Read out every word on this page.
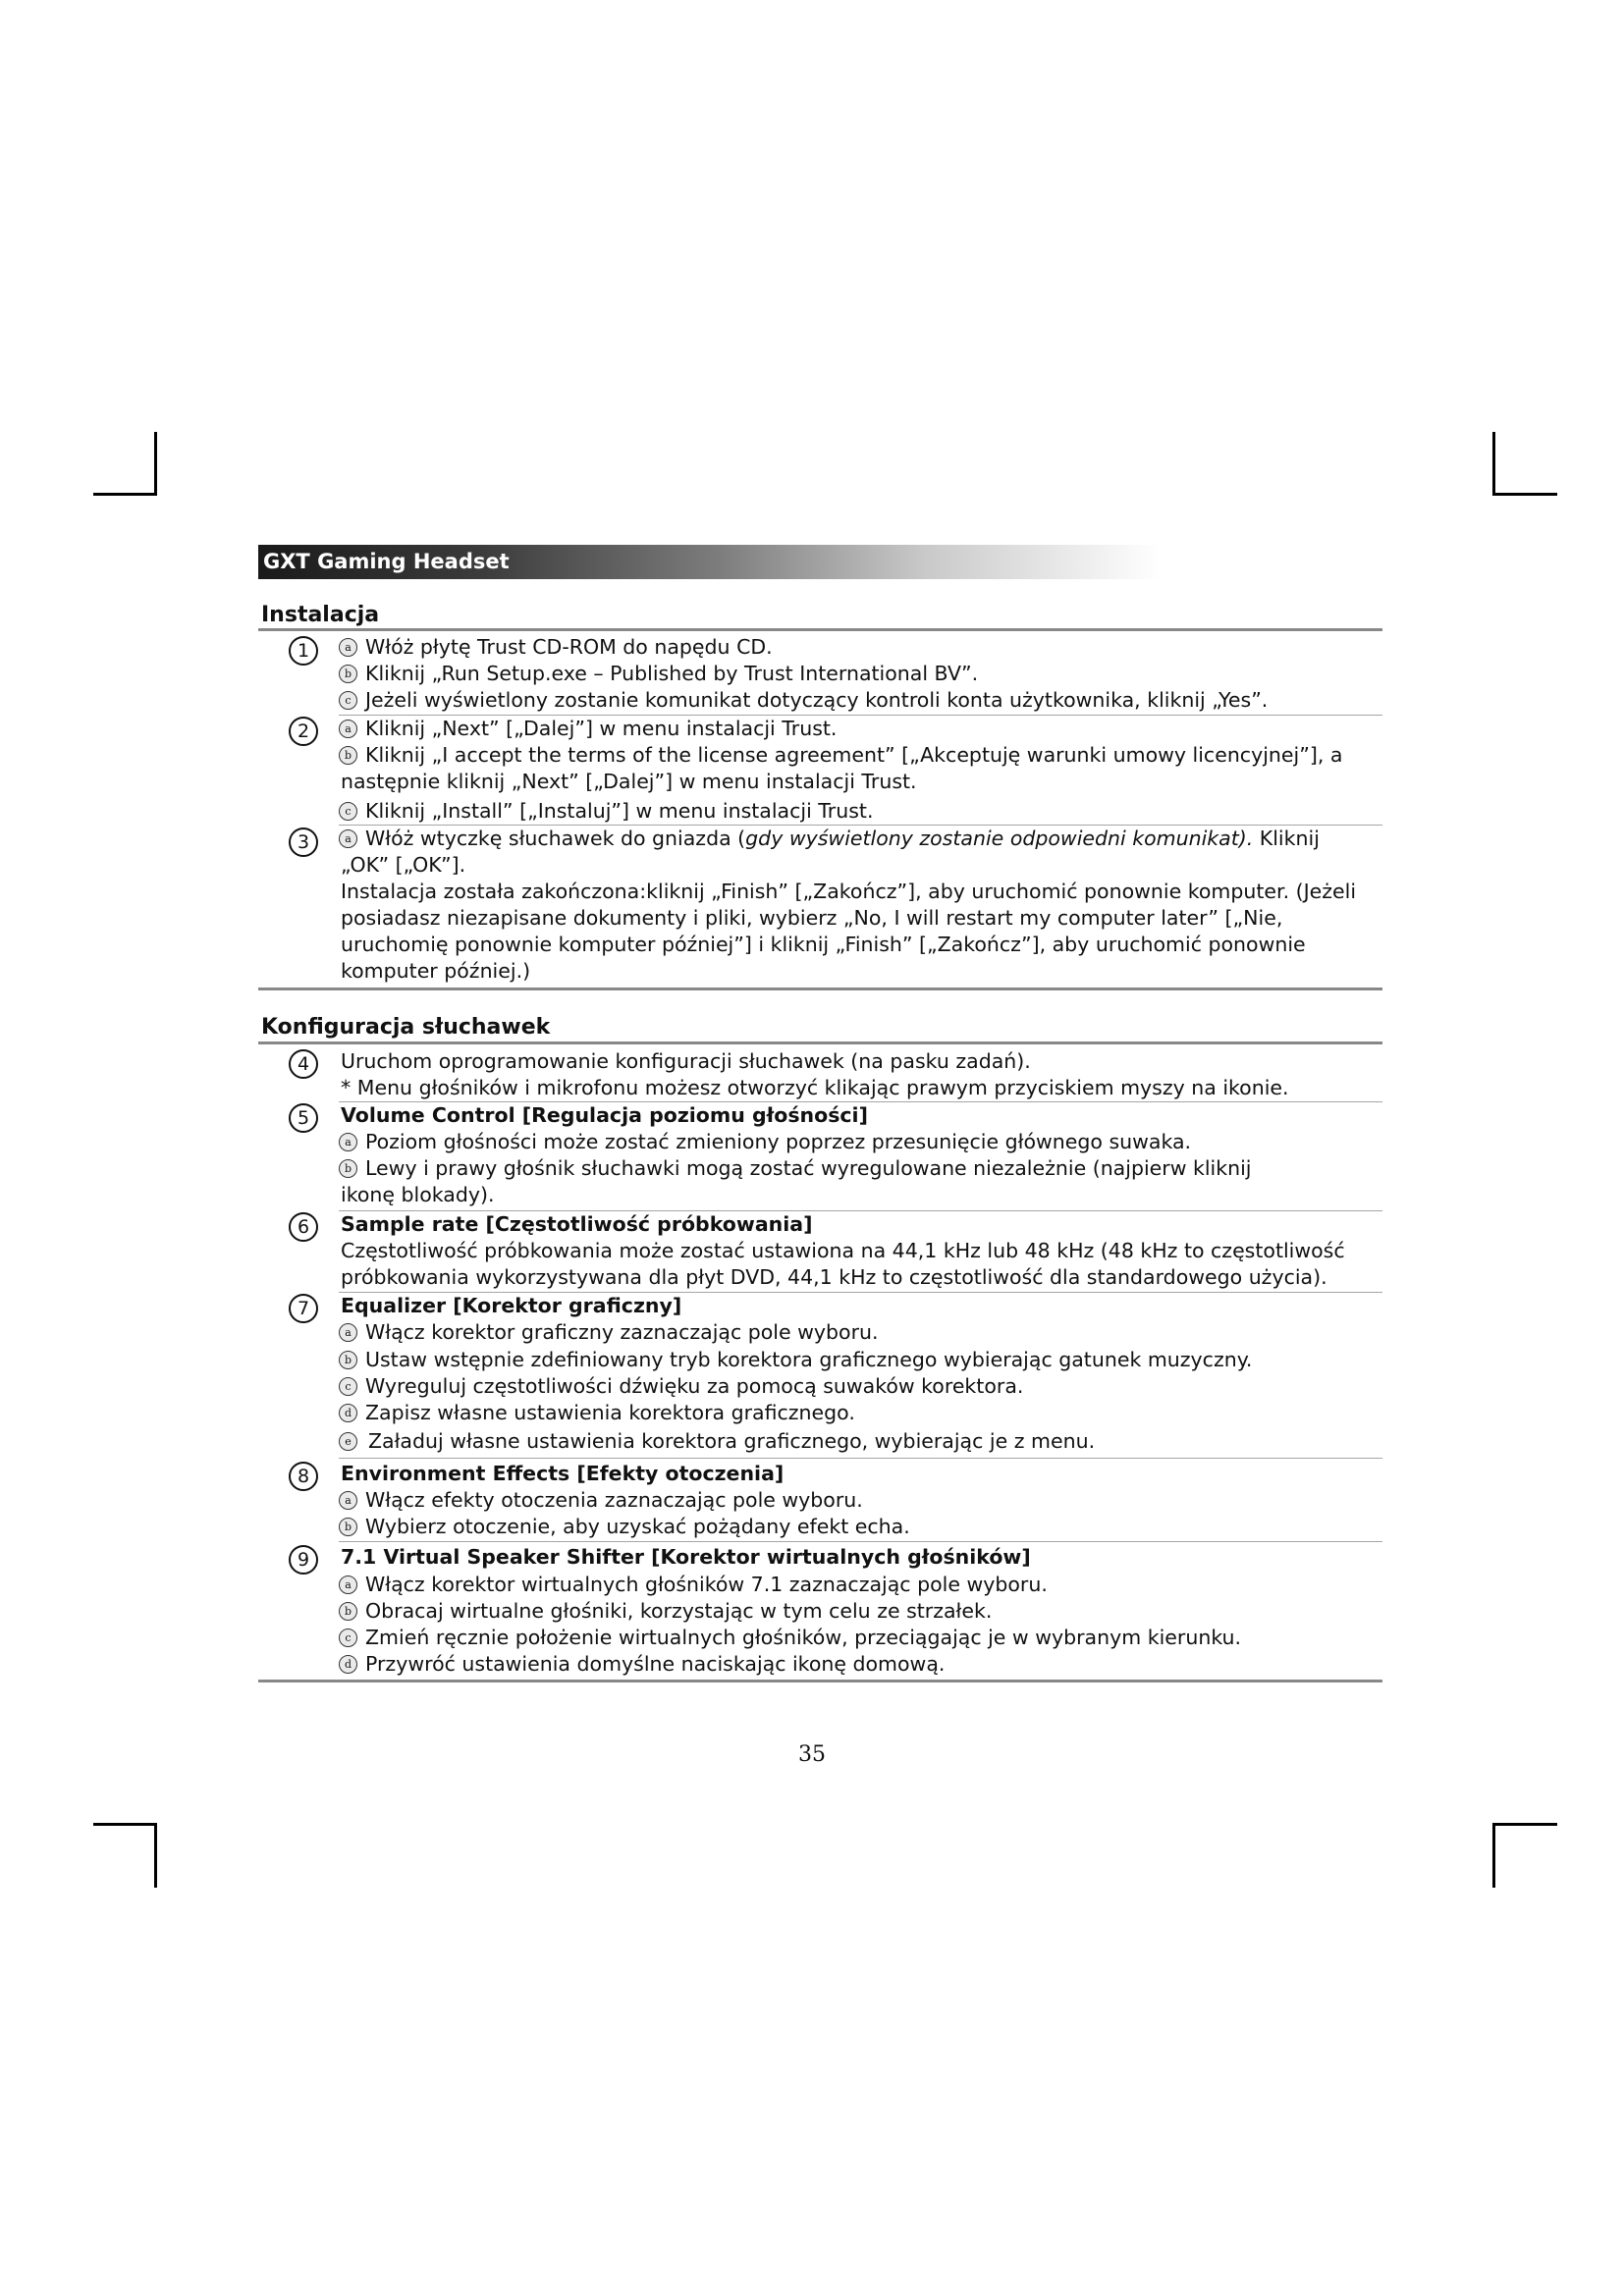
GXT Gaming Headset
Instalacja
1	a Włóż płytę Trust CD-ROM do napędu CD.
b Kliknij „Run Setup.exe – Published by Trust International BV”.
c Jeżeli wyświetlony zostanie komunikat dotyczący kontroli konta użytkownika, kliknij „Yes”.
2	a Kliknij „Next” [„Dalej”] w menu instalacji Trust.
b Kliknij „I accept the terms of the license agreement” [„Akceptuję warunki umowy licencyjnej”], a
następnie kliknij „Next” [„Dalej”] w menu instalacji Trust.
c Kliknij „Install” [„Instaluj”] w menu instalacji Trust.
3	a Włóż wtyczkę słuchawek do gniazda (gdy wyświetlony zostanie odpowiedni komunikat). Kliknij
„OK” [„OK”].
Instalacja została zakończona:kliknij „Finish” [„Zakończ”], aby uruchomić ponownie komputer. (Jeżeli
posiadasz niezapisane dokumenty i pliki, wybierz „No, I will restart my computer later” [„Nie,
uruchomię ponownie komputer później”] i kliknij „Finish” [„Zakończ”], aby uruchomić ponownie
komputer później.)
Konfiguracja słuchawek
4	Uruchom oprogramowanie konfiguracji słuchawek (na pasku zadań).
* Menu głośników i mikrofonu możesz otworzyć klikając prawym przyciskiem myszy na ikonie.
5	Volume Control [Regulacja poziomu głośności]
a Poziom głośności może zostać zmieniony poprzez przesunięcie głównego suwaka.
b Lewy i prawy głośnik słuchawki mogą zostać wyregulowane niezależnie (najpierw kliknij
ikonę blokady).
6	Sample rate [Częstotliwość próbkowania]
Częstotliwość próbkowania może zostać ustawiona na 44,1 kHz lub 48 kHz (48 kHz to częstotliwość
próbkowania wykorzystywana dla płyt DVD, 44,1 kHz to częstotliwość dla standardowego użycia).
7	Equalizer [Korektor graficzny]
a Włącz korektor graficzny zaznaczając pole wyboru.
b Ustaw wstępnie zdefiniowany tryb korektora graficznego wybierając gatunek muzyczny.
c Wyreguluj częstotliwości dźwięku za pomocą suwaków korektora.
d Zapisz własne ustawienia korektora graficznego.
e Załaduj własne ustawienia korektora graficznego, wybierając je z menu.
8	Environment Effects [Efekty otoczenia]
a Włącz efekty otoczenia zaznaczając pole wyboru.
b Wybierz otoczenie, aby uzyskać pożądany efekt echa.
9	7.1 Virtual Speaker Shifter [Korektor wirtualnych głośników]
a Włącz korektor wirtualnych głośników 7.1 zaznaczając pole wyboru.
b Obracaj wirtualne głośniki, korzystając w tym celu ze strzałek.
c Zmień ręcznie położenie wirtualnych głośników, przeciągając je w wybranym kierunku.
d Przywróć ustawienia domyślne naciskając ikonę domową.
35
